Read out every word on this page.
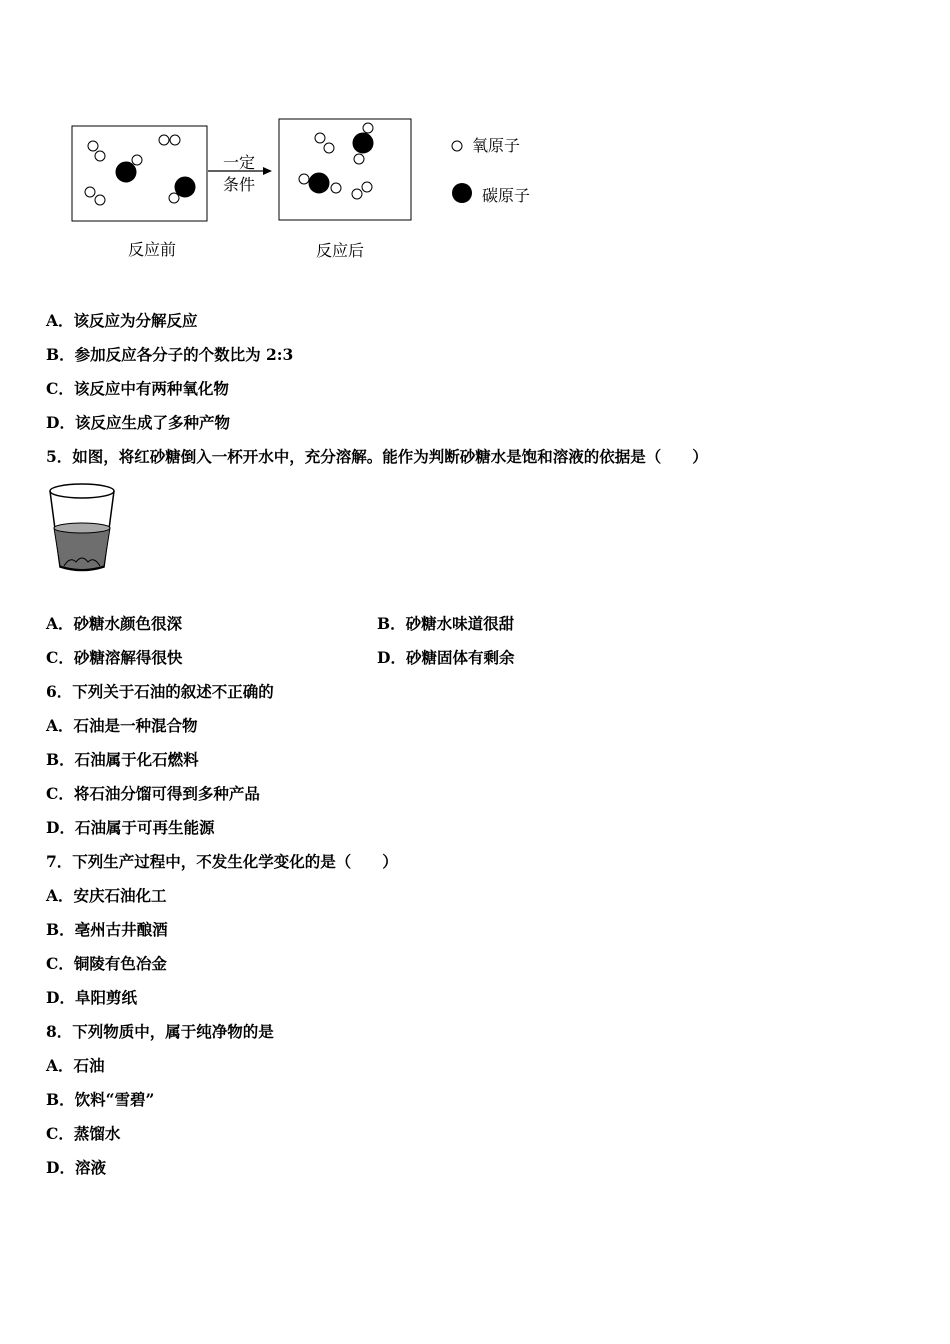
一定
条件
反应前	反应后
氧原子
碳原子
A．该反应为分解反应
B．参加反应各分子的个数比为 2:3
C．该反应中有两种氧化物
D．该反应生成了多种产物
5．如图，将红砂糖倒入一杯开水中，充分溶解。能作为判断砂糖水是饱和溶液的依据是（　　）
A．砂糖水颜色很深	B．砂糖水味道很甜
C．砂糖溶解得很快	D．砂糖固体有剩余
6．下列关于石油的叙述不正确的
A．石油是一种混合物
B．石油属于化石燃料
C．将石油分馏可得到多种产品
D．石油属于可再生能源
7．下列生产过程中，不发生化学变化的是（　　）
A．安庆石油化工
B．亳州古井酿酒
C．铜陵有色冶金
D．阜阳剪纸
8．下列物质中，属于纯净物的是
A．石油
B．饮料“雪碧”
C．蒸馏水
D．溶液
